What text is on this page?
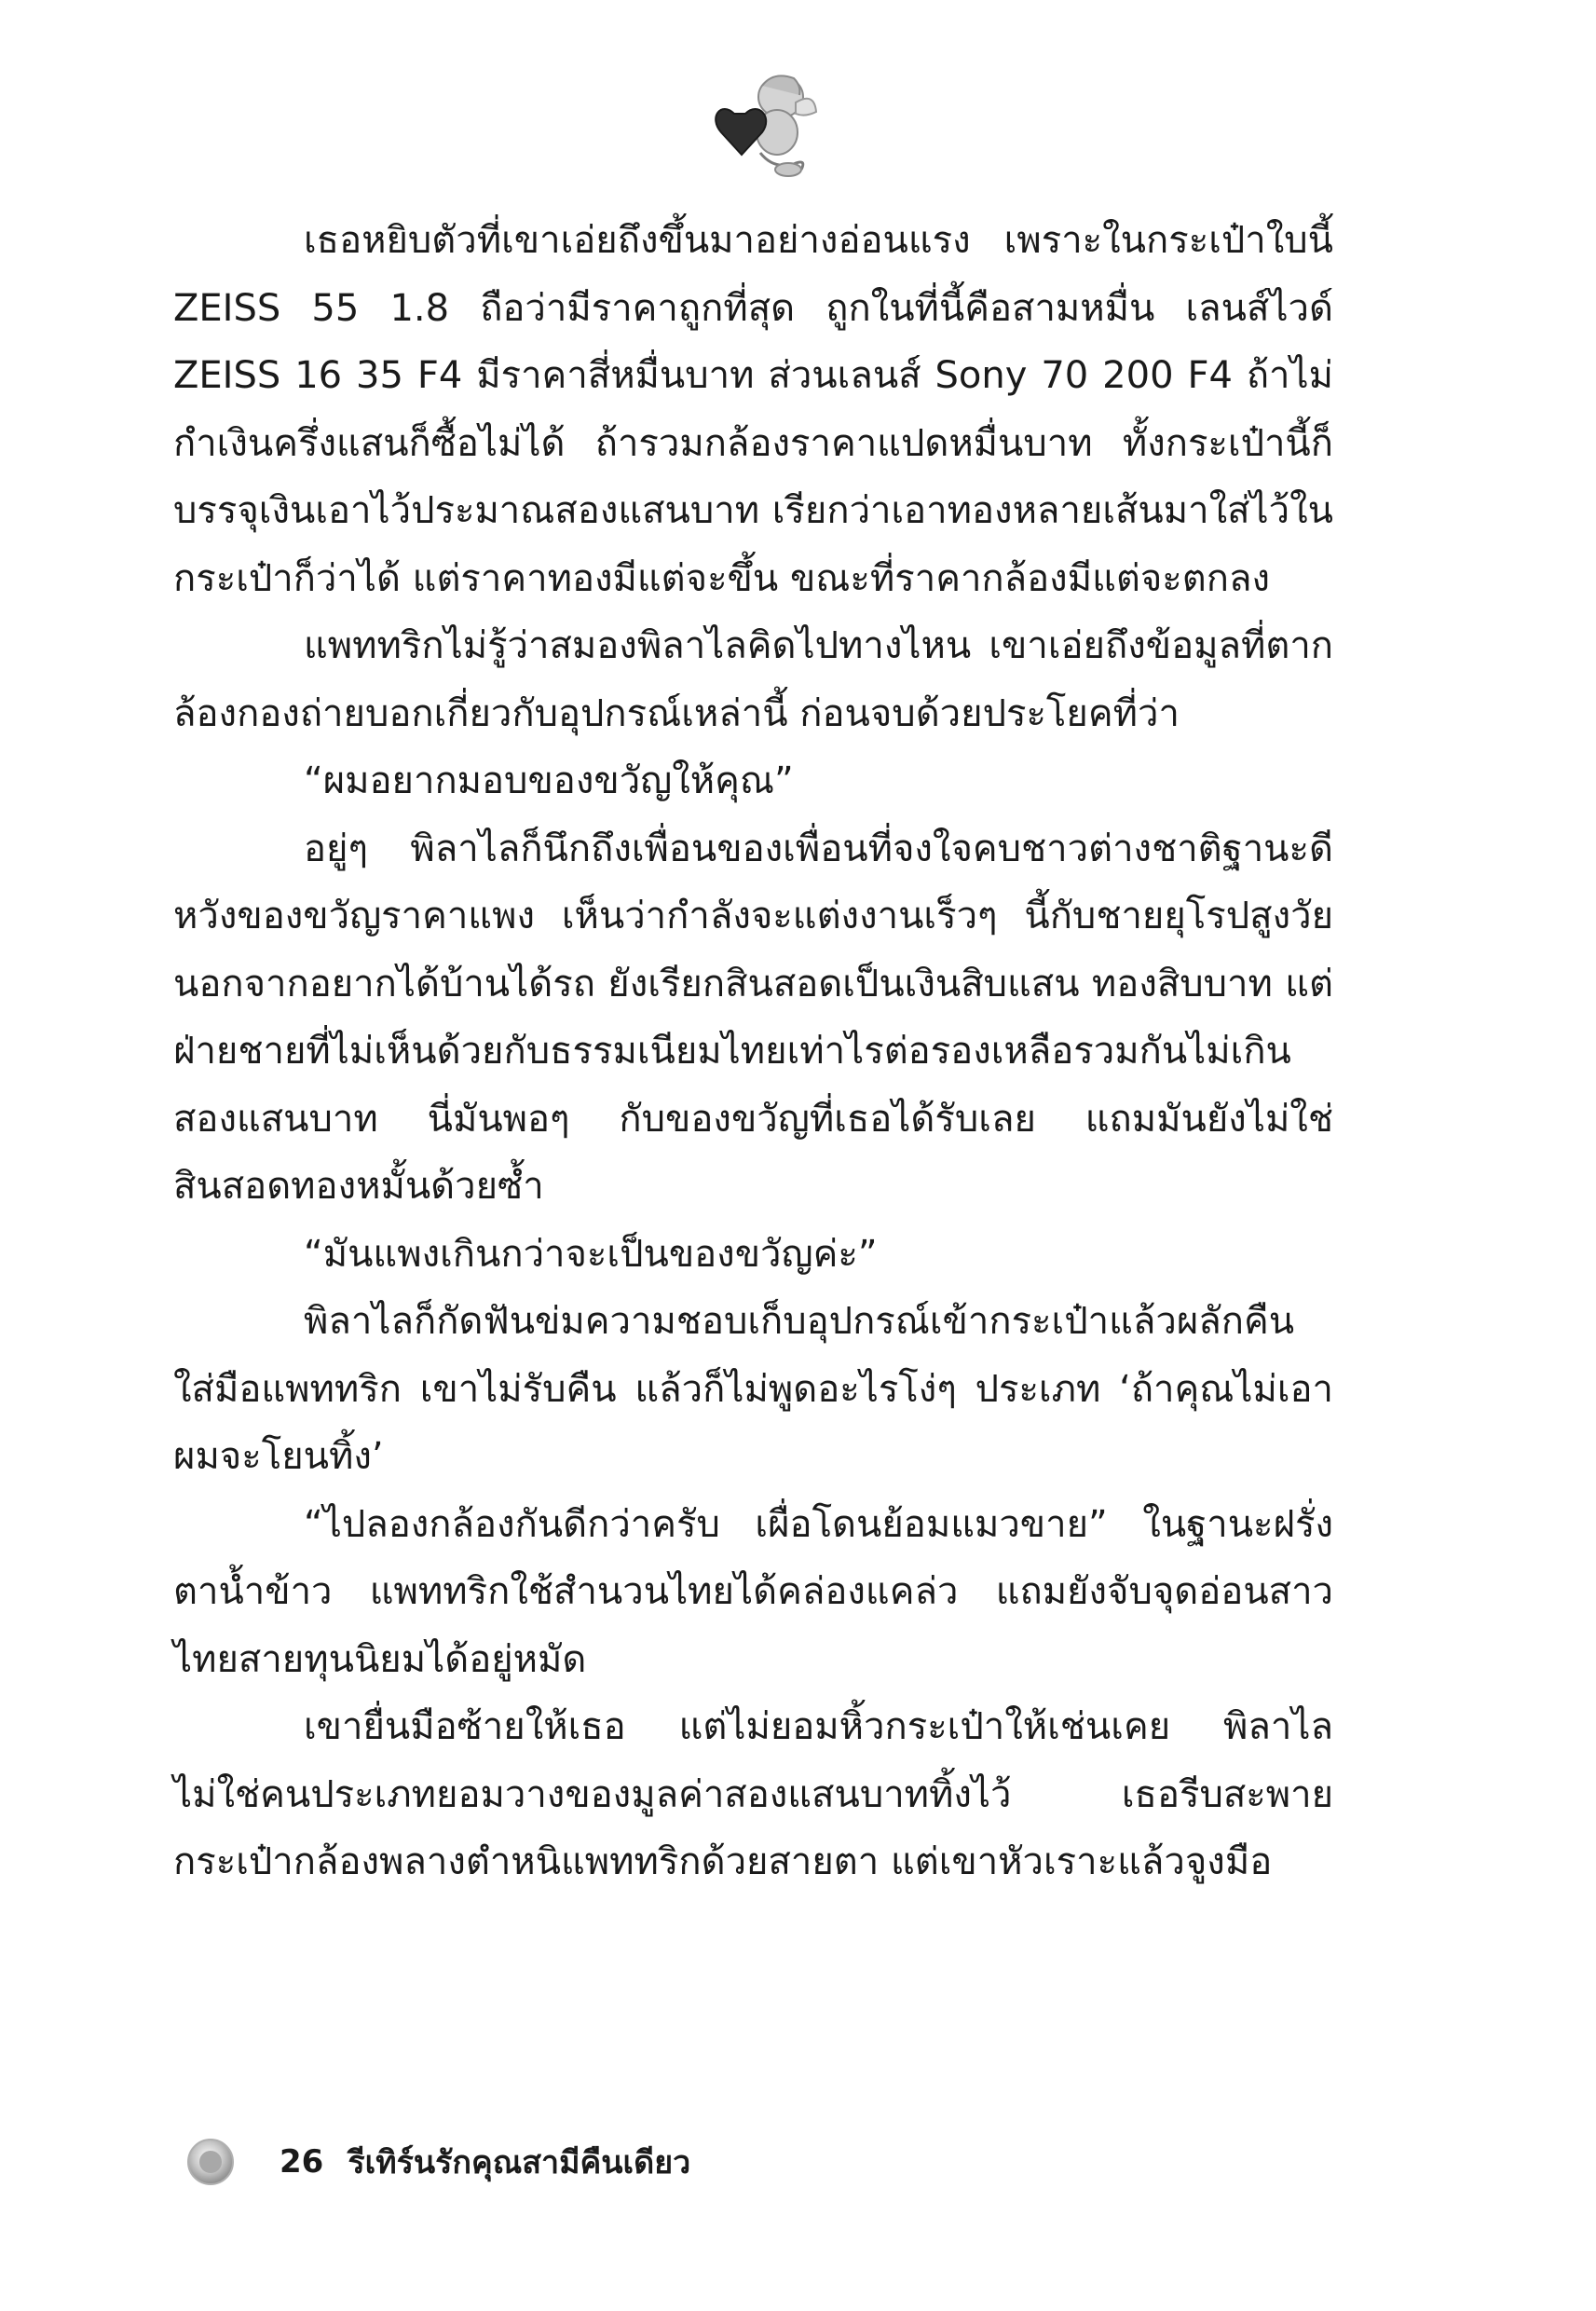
เธอหยิบตัวที่เขาเอ่ยถึงขึ้นมาอย่างอ่อนแรง เพราะในกระเป๋าใบนี้ ZEISS 55 1.8 ถือว่ามีราคาถูกที่สุด ถูกในที่นี้คือสามหมื่น เลนส์ไวด์ ZEISS 16 35 F4 มีราคาสี่หมื่นบาท ส่วนเลนส์ Sony 70 200 F4 ถ้าไม่กำเงินครึ่งแสนก็ซื้อไม่ได้ ถ้ารวมกล้องราคาแปดหมื่นบาท ทั้งกระเป๋านี้ก็บรรจุเงินเอาไว้ประมาณสองแสนบาท เรียกว่าเอาทองหลายเส้นมาใส่ไว้ในกระเป๋าก็ว่าได้ แต่ราคาทองมีแต่จะขึ้น ขณะที่ราคากล้องมีแต่จะตกลง

แพททริกไม่รู้ว่าสมองพิลาไลคิดไปทางไหน เขาเอ่ยถึงข้อมูลที่ตากล้องกองถ่ายบอกเกี่ยวกับอุปกรณ์เหล่านี้ ก่อนจบด้วยประโยคที่ว่า

“ผมอยากมอบของขวัญให้คุณ”

อยู่ๆ พิลาไลก็นึกถึงเพื่อนของเพื่อนที่จงใจคบชาวต่างชาติฐานะดีหวังของขวัญราคาแพง เห็นว่ากำลังจะแต่งงานเร็วๆ นี้กับชายยุโรปสูงวัยนอกจากอยากได้บ้านได้รถ ยังเรียกสินสอดเป็นเงินสิบแสน ทองสิบบาท แต่ฝ่ายชายที่ไม่เห็นด้วยกับธรรมเนียมไทยเท่าไรต่อรองเหลือรวมกันไม่เกินสองแสนบาท นี่มันพอๆ กับของขวัญที่เธอได้รับเลย แถมมันยังไม่ใช่สินสอดทองหมั้นด้วยซ้ำ

“มันแพงเกินกว่าจะเป็นของขวัญค่ะ”

พิลาไลก็กัดฟันข่มความชอบเก็บอุปกรณ์เข้ากระเป๋าแล้วผลักคืนใส่มือแพททริก เขาไม่รับคืน แล้วก็ไม่พูดอะไรโง่ๆ ประเภท ‘ถ้าคุณไม่เอาผมจะโยนทิ้ง’

“ไปลองกล้องกันดีกว่าครับ เผื่อโดนย้อมแมวขาย” ในฐานะฝรั่งตาน้ำข้าว แพททริกใช้สำนวนไทยได้คล่องแคล่ว แถมยังจับจุดอ่อนสาวไทยสายทุนนิยมได้อยู่หมัด

เขายื่นมือซ้ายให้เธอ แต่ไม่ยอมหิ้วกระเป๋าให้เช่นเคย พิลาไลไม่ใช่คนประเภทยอมวางของมูลค่าสองแสนบาททิ้งไว้ เธอรีบสะพายกระเป๋ากล้องพลางตำหนิแพททริกด้วยสายตา แต่เขาหัวเราะแล้วจูงมือ

26 รีเทิร์นรักคุณสามีคืนเดียว
